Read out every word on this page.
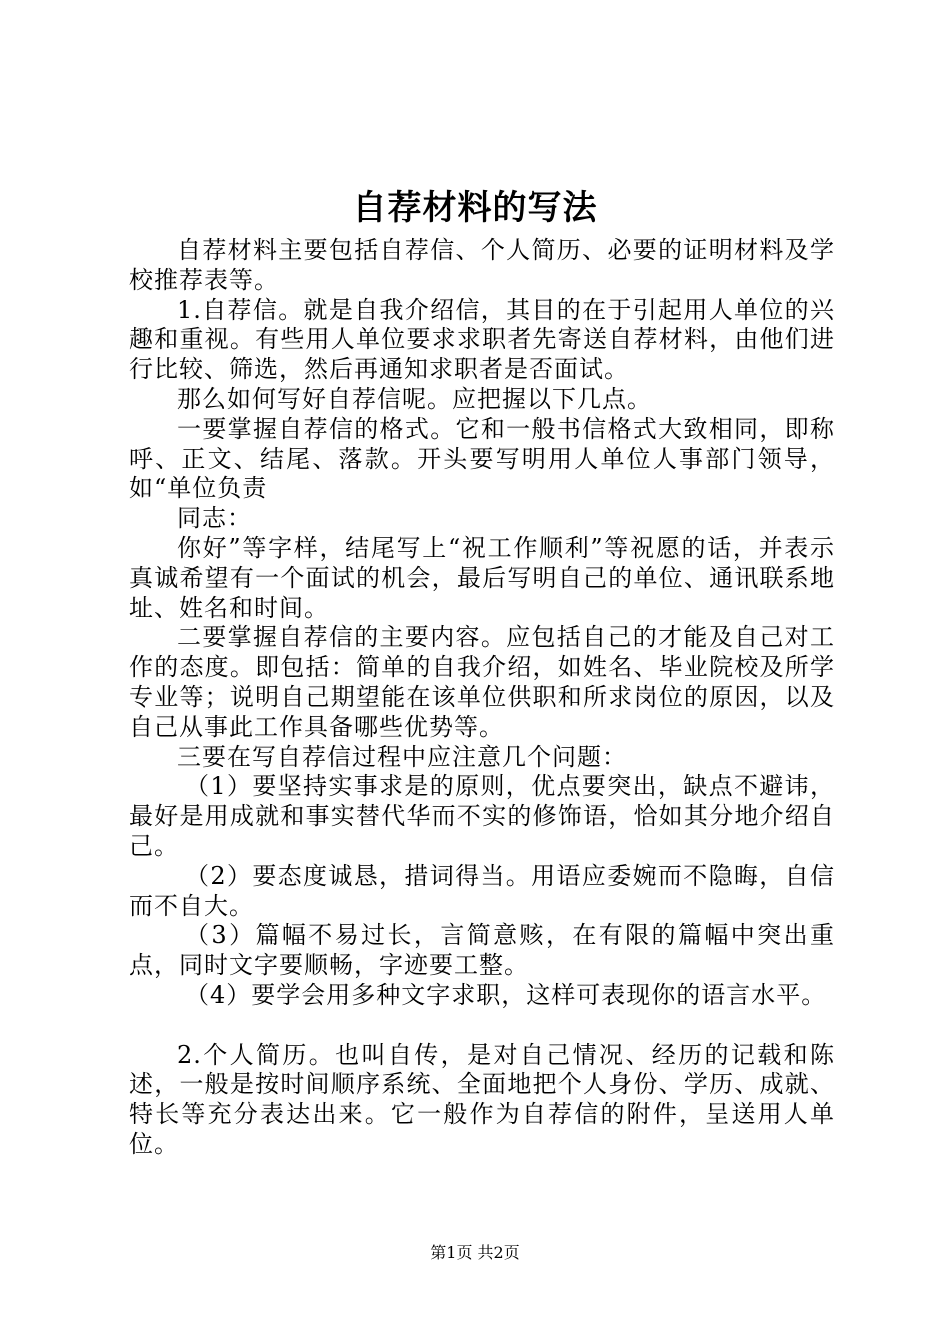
自荐材料的写法

自荐材料主要包括自荐信、个人简历、必要的证明材料及学校推荐表等。

1.自荐信。就是自我介绍信，其目的在于引起用人单位的兴趣和重视。有些用人单位要求求职者先寄送自荐材料，由他们进行比较、筛选，然后再通知求职者是否面试。

那么如何写好自荐信呢。应把握以下几点。

一要掌握自荐信的格式。它和一般书信格式大致相同，即称呼、正文、结尾、落款。开头要写明用人单位人事部门领导，如“单位负责

同志：

你好”等字样，结尾写上“祝工作顺利”等祝愿的话，并表示真诚希望有一个面试的机会，最后写明自己的单位、通讯联系地址、姓名和时间。

二要掌握自荐信的主要内容。应包括自己的才能及自己对工作的态度。即包括：简单的自我介绍，如姓名、毕业院校及所学专业等；说明自己期望能在该单位供职和所求岗位的原因，以及自己从事此工作具备哪些优势等。

三要在写自荐信过程中应注意几个问题：

（1）要坚持实事求是的原则，优点要突出，缺点不避讳，最好是用成就和事实替代华而不实的修饰语，恰如其分地介绍自己。

（2）要态度诚恳，措词得当。用语应委婉而不隐晦，自信而不自大。

（3）篇幅不易过长，言简意赅，在有限的篇幅中突出重点，同时文字要顺畅，字迹要工整。

（4）要学会用多种文字求职，这样可表现你的语言水平。

2.个人简历。也叫自传，是对自己情况、经历的记载和陈述，一般是按时间顺序系统、全面地把个人身份、学历、成就、特长等充分表达出来。它一般作为自荐信的附件，呈送用人单位。

第1页 共2页
